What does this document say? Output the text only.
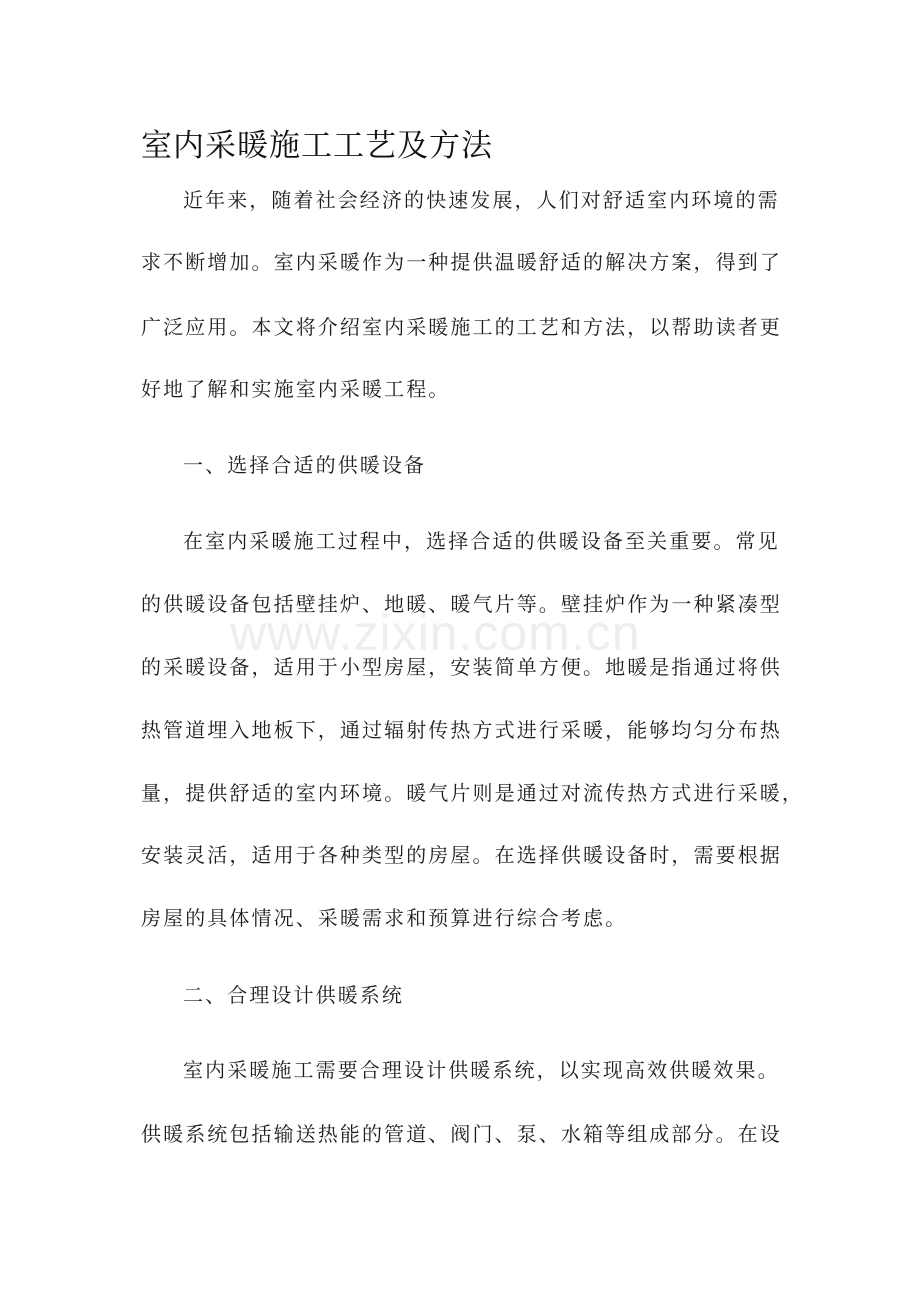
室内采暖施工工艺及方法
近年来，随着社会经济的快速发展，人们对舒适室内环境的需
求不断增加。室内采暖作为一种提供温暖舒适的解决方案，得到了
广泛应用。本文将介绍室内采暖施工的工艺和方法，以帮助读者更
好地了解和实施室内采暖工程。
一、选择合适的供暖设备
在室内采暖施工过程中，选择合适的供暖设备至关重要。常见
的供暖设备包括壁挂炉、地暖、暖气片等。壁挂炉作为一种紧凑型
的采暖设备，适用于小型房屋，安装简单方便。地暖是指通过将供
热管道埋入地板下，通过辐射传热方式进行采暖，能够均匀分布热
量，提供舒适的室内环境。暖气片则是通过对流传热方式进行采暖，
安装灵活，适用于各种类型的房屋。在选择供暖设备时，需要根据
房屋的具体情况、采暖需求和预算进行综合考虑。
二、合理设计供暖系统
室内采暖施工需要合理设计供暖系统，以实现高效供暖效果。
供暖系统包括输送热能的管道、阀门、泵、水箱等组成部分。在设
www.zixin.com.cn
